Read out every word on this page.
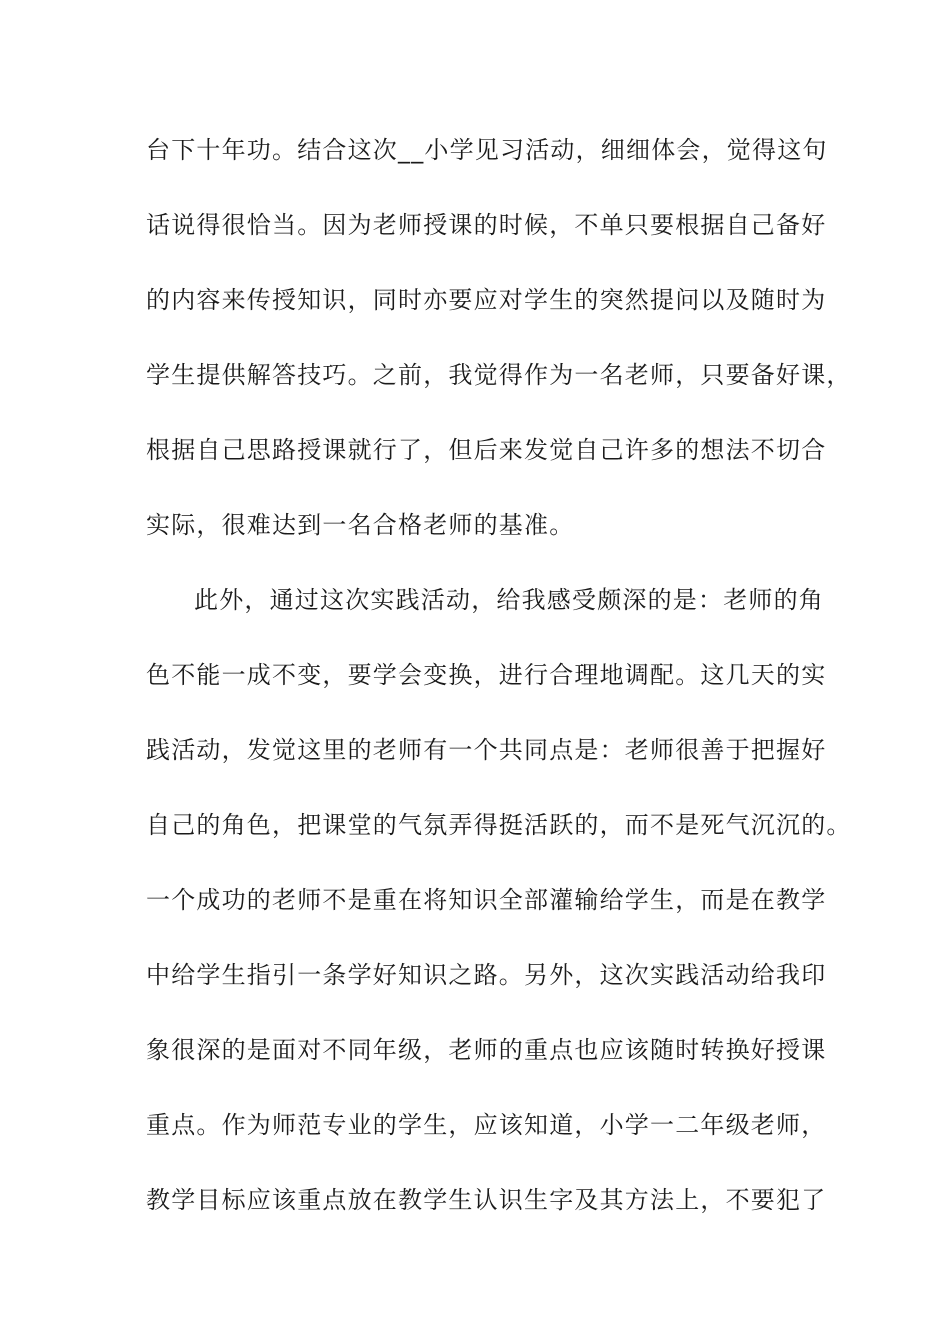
台下十年功。结合这次__小学见习活动，细细体会，觉得这句
话说得很恰当。因为老师授课的时候，不单只要根据自己备好
的内容来传授知识，同时亦要应对学生的突然提问以及随时为
学生提供解答技巧。之前，我觉得作为一名老师，只要备好课，
根据自己思路授课就行了，但后来发觉自己许多的想法不切合
实际，很难达到一名合格老师的基准。
此外，通过这次实践活动，给我感受颇深的是：老师的角
色不能一成不变，要学会变换，进行合理地调配。这几天的实
践活动，发觉这里的老师有一个共同点是：老师很善于把握好
自己的角色，把课堂的气氛弄得挺活跃的，而不是死气沉沉的。
一个成功的老师不是重在将知识全部灌输给学生，而是在教学
中给学生指引一条学好知识之路。另外，这次实践活动给我印
象很深的是面对不同年级，老师的重点也应该随时转换好授课
重点。作为师范专业的学生，应该知道，小学一二年级老师，
教学目标应该重点放在教学生认识生字及其方法上，不要犯了
